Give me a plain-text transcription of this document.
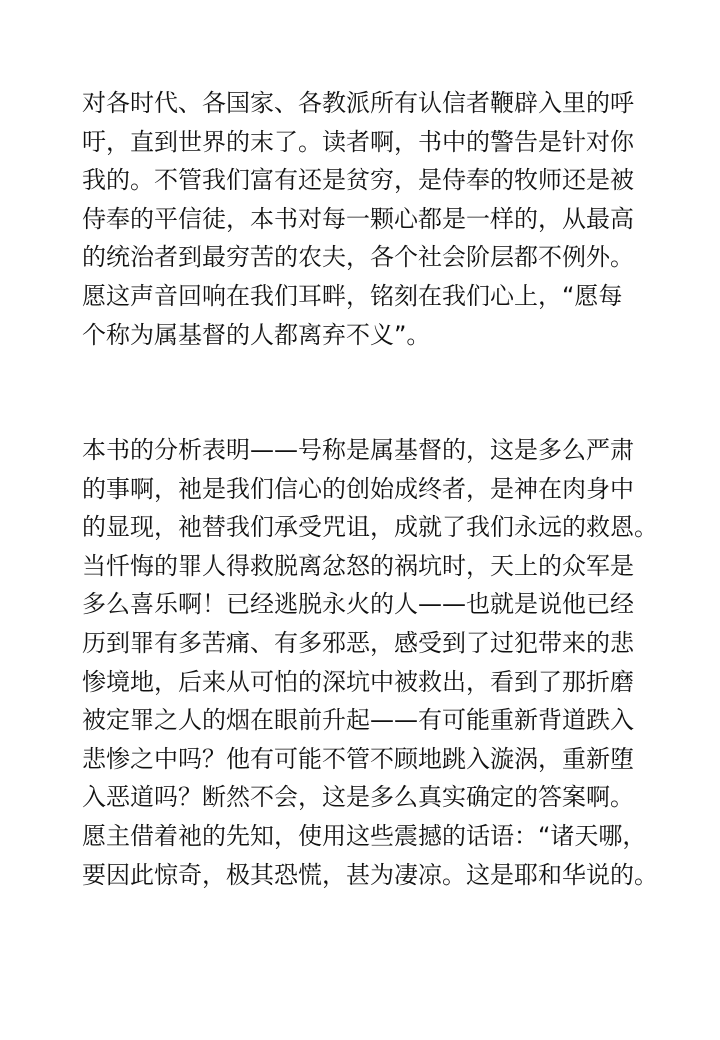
对各时代、各国家、各教派所有认信者鞭辟入里的呼
吁，直到世界的末了。读者啊，书中的警告是针对你
我的。不管我们富有还是贫穷，是侍奉的牧师还是被
侍奉的平信徒，本书对每一颗心都是一样的，从最高
的统治者到最穷苦的农夫，各个社会阶层都不例外。
愿这声音回响在我们耳畔，铭刻在我们心上，“愿每
个称为属基督的人都离弃不义”。
本书的分析表明——号称是属基督的，这是多么严肃
的事啊，祂是我们信心的创始成终者，是神在肉身中
的显现，祂替我们承受咒诅，成就了我们永远的救恩。
当忏悔的罪人得救脱离忿怒的祸坑时，天上的众军是
多么喜乐啊！已经逃脱永火的人——也就是说他已经
历到罪有多苦痛、有多邪恶，感受到了过犯带来的悲
惨境地，后来从可怕的深坑中被救出，看到了那折磨
被定罪之人的烟在眼前升起——有可能重新背道跌入
悲惨之中吗？他有可能不管不顾地跳入漩涡，重新堕
入恶道吗？断然不会，这是多么真实确定的答案啊。
愿主借着祂的先知，使用这些震撼的话语：“诸天哪，
要因此惊奇，极其恐慌，甚为凄凉。这是耶和华说的。
